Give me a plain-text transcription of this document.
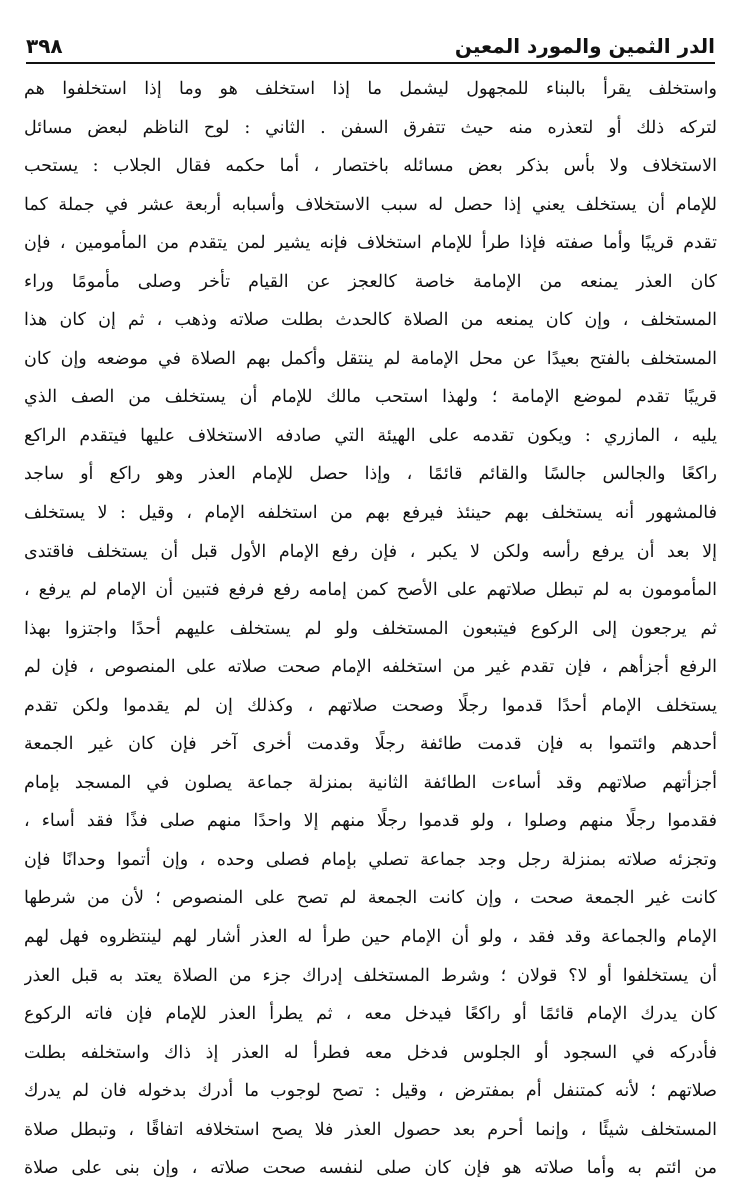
الدر الثمين والمورد المعين
٣٩٨
واستخلف يقرأ بالبناء للمجهول ليشمل ما إذا استخلف هو وما إذا استخلفوا هم
لتركه ذلك أو لتعذره منه حيث تتفرق السفن . الثاني : لوح الناظم لبعض مسائل
الاستخلاف ولا بأس بذكر بعض مسائله باختصار ، أما حكمه فقال الجلاب : يستحب
للإمام أن يستخلف يعني إذا حصل له سبب الاستخلاف وأسبابه أربعة عشر في جملة كما
تقدم قريبًا وأما صفته فإذا طرأ للإمام استخلاف فإنه يشير لمن يتقدم من المأمومين ، فإن
كان العذر يمنعه من الإمامة خاصة كالعجز عن القيام تأخر وصلى مأمومًا وراء
المستخلف ، وإن كان يمنعه من الصلاة كالحدث بطلت صلاته وذهب ، ثم إن كان هذا
المستخلف بالفتح بعيدًا عن محل الإمامة لم ينتقل وأكمل بهم الصلاة في موضعه وإن كان
قريبًا تقدم لموضع الإمامة ؛ ولهذا استحب مالك للإمام أن يستخلف من الصف الذي
يليه ، المازري : ويكون تقدمه على الهيئة التي صادفه الاستخلاف عليها فيتقدم الراكع
راكعًا والجالس جالسًا والقائم قائمًا ، وإذا حصل للإمام العذر وهو راكع أو ساجد
فالمشهور أنه يستخلف بهم حينئذ فيرفع بهم من استخلفه الإمام ، وقيل : لا يستخلف
إلا بعد أن يرفع رأسه ولكن لا يكبر ، فإن رفع الإمام الأول قبل أن يستخلف فاقتدى
المأمومون به لم تبطل صلاتهم على الأصح كمن إمامه رفع فرفع فتبين أن الإمام لم يرفع ،
ثم يرجعون إلى الركوع فيتبعون المستخلف ولو لم يستخلف عليهم أحدًا واجتزوا بهذا
الرفع أجزأهم ، فإن تقدم غير من استخلفه الإمام صحت صلاته على المنصوص ، فإن لم
يستخلف الإمام أحدًا قدموا رجلًا وصحت صلاتهم ، وكذلك إن لم يقدموا ولكن تقدم
أحدهم وائتموا به فإن قدمت طائفة رجلًا وقدمت أخرى آخر فإن كان غير الجمعة
أجزأتهم صلاتهم وقد أساءت الطائفة الثانية بمنزلة جماعة يصلون في المسجد بإمام
فقدموا رجلًا منهم وصلوا ، ولو قدموا رجلًا منهم إلا واحدًا منهم صلى فذًا فقد أساء ،
وتجزئه صلاته بمنزلة رجل وجد جماعة تصلي بإمام فصلى وحده ، وإن أتموا وحدانًا فإن
كانت غير الجمعة صحت ، وإن كانت الجمعة لم تصح على المنصوص ؛ لأن من شرطها
الإمام والجماعة وقد فقد ، ولو أن الإمام حين طرأ له العذر أشار لهم لينتظروه فهل لهم
أن يستخلفوا أو لا؟ قولان ؛ وشرط المستخلف إدراك جزء من الصلاة يعتد به قبل العذر
كان يدرك الإمام قائمًا أو راكعًا فيدخل معه ، ثم يطرأ العذر للإمام فإن فاته الركوع
فأدركه في السجود أو الجلوس فدخل معه فطرأ له العذر إذ ذاك واستخلفه بطلت
صلاتهم ؛ لأنه كمتنفل أم بمفترض ، وقيل : تصح لوجوب ما أدرك بدخوله فان لم يدرك
المستخلف شيئًا ، وإنما أحرم بعد حصول العذر فلا يصح استخلافه اتفاقًا ، وتبطل صلاة
من ائتم به وأما صلاته هو فإن كان صلى لنفسه صحت صلاته ، وإن بنى على صلاة
